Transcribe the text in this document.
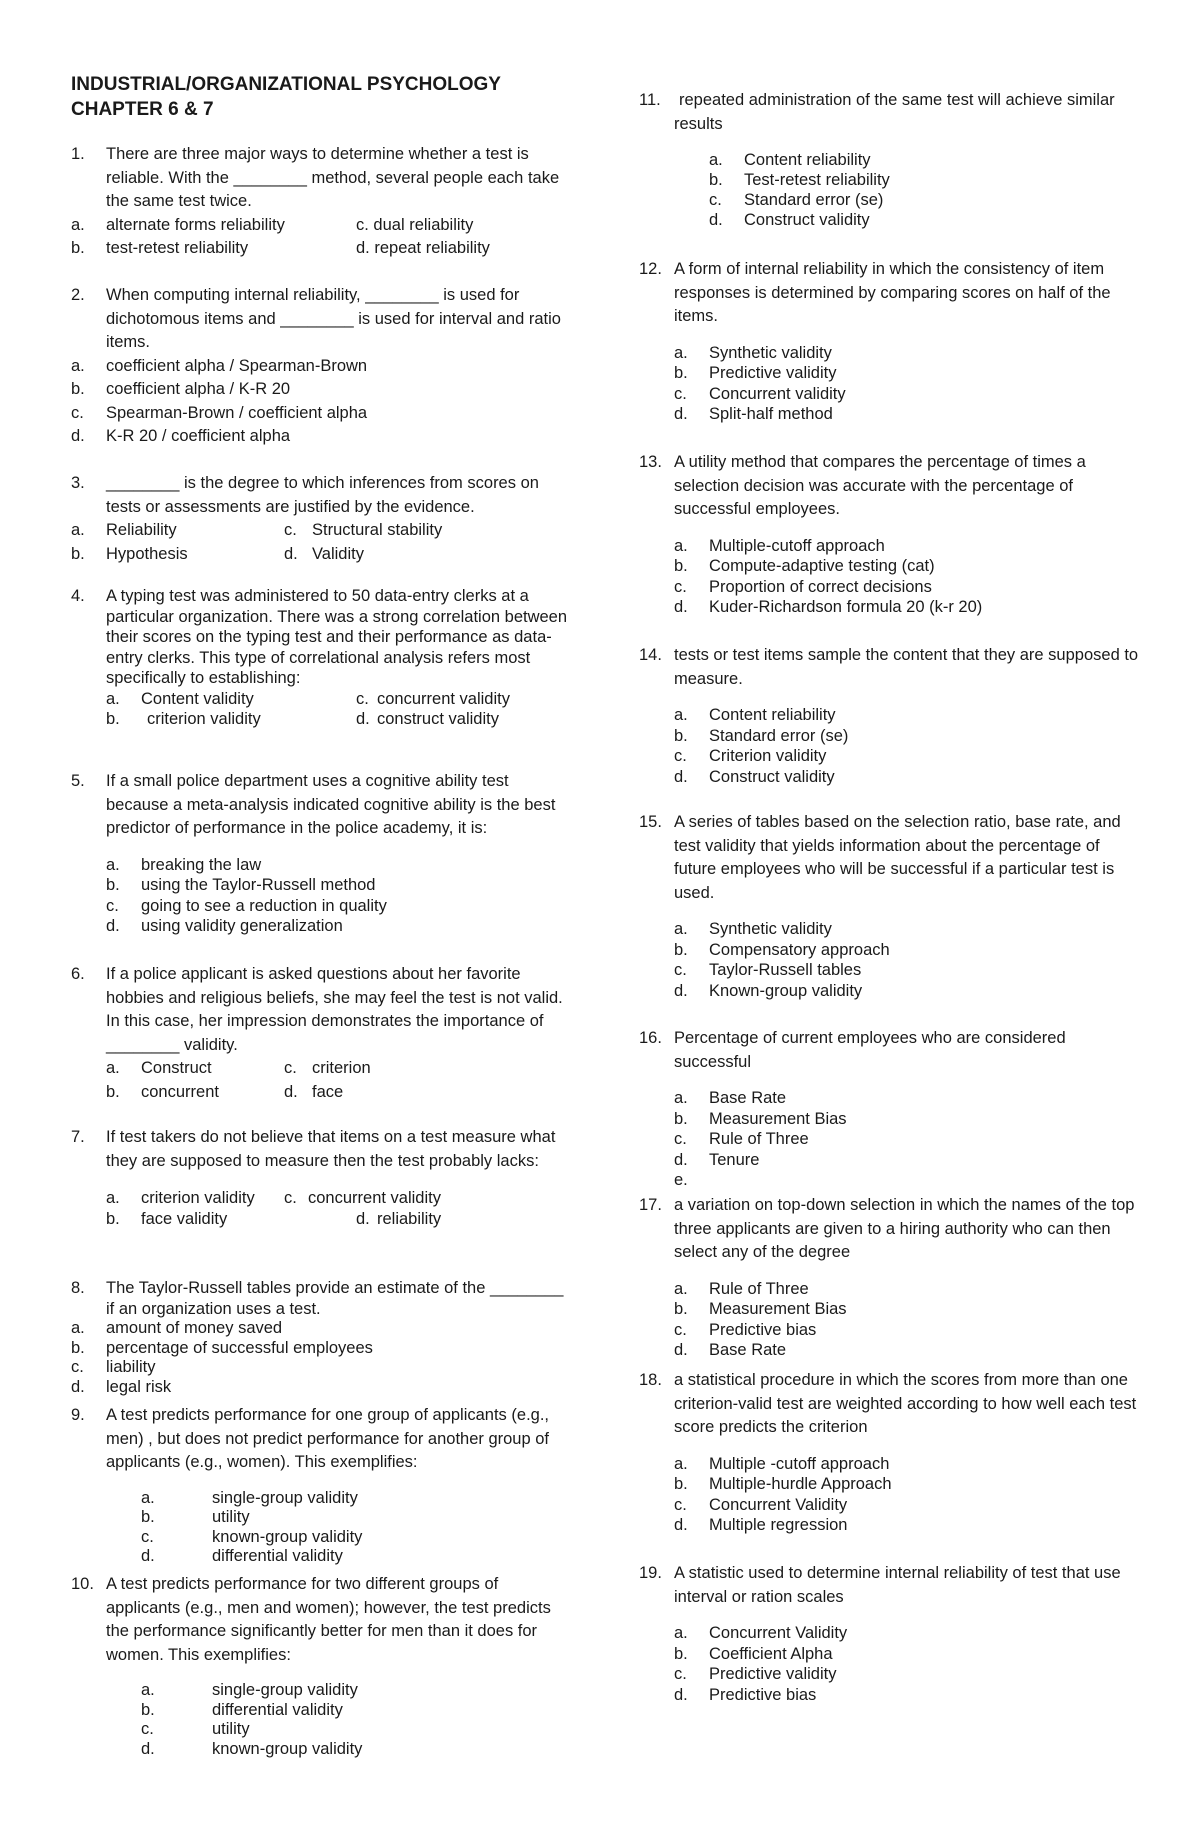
INDUSTRIAL/ORGANIZATIONAL PSYCHOLOGY
CHAPTER 6 & 7
1. There are three major ways to determine whether a test is reliable. With the ________ method, several people each take the same test twice.
a. alternate forms reliability	c. dual reliability
b. test-retest reliability	d. repeat reliability
2. When computing internal reliability, ________ is used for dichotomous items and ________ is used for interval and ratio items.
a.	coefficient alpha / Spearman-Brown
b.	coefficient alpha / K-R 20
c.	Spearman-Brown / coefficient alpha
d.	K-R 20 / coefficient alpha
3. ________ is the degree to which inferences from scores on tests or assessments are justified by the evidence.
a. Reliability	c. Structural stability
b. Hypothesis	d. Validity
4. A typing test was administered to 50 data-entry clerks at a particular organization. There was a strong correlation between their scores on the typing test and their performance as data-entry clerks. This type of correlational analysis refers most specifically to establishing:
a. Content validity	c. concurrent validity
b. criterion validity	d. construct validity
5. If a small police department uses a cognitive ability test because a meta-analysis indicated cognitive ability is the best predictor of performance in the police academy, it is:
a.	breaking the law
b.	using the Taylor-Russell method
c.	going to see a reduction in quality
d.	using validity generalization
6. If a police applicant is asked questions about her favorite hobbies and religious beliefs, she may feel the test is not valid. In this case, her impression demonstrates the importance of ________ validity.
a. Construct	c. criterion
b. concurrent	d. face
7. If test takers do not believe that items on a test measure what they are supposed to measure then the test probably lacks:
a. criterion validity c. concurrent validity
b. face validity	d. reliability
8. The Taylor-Russell tables provide an estimate of the ________ if an organization uses a test.
a.	amount of money saved
b.	percentage of successful employees
c.	liability
d.	legal risk
9. A test predicts performance for one group of applicants (e.g., men) , but does not predict performance for another group of applicants (e.g., women). This exemplifies:
a.	single-group validity
b.	utility
c.	known-group validity
d.	differential validity
10. A test predicts performance for two different groups of applicants (e.g., men and women); however, the test predicts the performance significantly better for men than it does for women. This exemplifies:
a.	single-group validity
b.	differential validity
c.	utility
d.	known-group validity
11. repeated administration of the same test will achieve similar results
a.	Content reliability
b.	Test-retest reliability
c.	Standard error (se)
d.	Construct validity
12. A form of internal reliability in which the consistency of item responses is determined by comparing scores on half of the items.
a.	Synthetic validity
b.	Predictive validity
c.	Concurrent validity
d.	Split-half method
13. A utility method that compares the percentage of times a selection decision was accurate with the percentage of successful employees.
a.	Multiple-cutoff approach
b.	Compute-adaptive testing (cat)
c.	Proportion of correct decisions
d.	Kuder-Richardson formula 20 (k-r 20)
14. tests or test items sample the content that they are supposed to measure.
a.	Content reliability
b.	Standard error (se)
c.	Criterion validity
d.	Construct validity
15. A series of tables based on the selection ratio, base rate, and test validity that yields information about the percentage of future employees who will be successful if a particular test is used.
a.	Synthetic validity
b.	Compensatory approach
c.	Taylor-Russell tables
d.	Known-group validity
16. Percentage of current employees who are considered successful
a.	Base Rate
b.	Measurement Bias
c.	Rule of Three
d.	Tenure
e.
17. a variation on top-down selection in which the names of the top three applicants are given to a hiring authority who can then select any of the degree
a.	Rule of Three
b.	Measurement Bias
c.	Predictive bias
d.	Base Rate
18. a statistical procedure in which the scores from more than one criterion-valid test are weighted according to how well each test score predicts the criterion
a.	Multiple -cutoff approach
b.	Multiple-hurdle Approach
c.	Concurrent Validity
d.	Multiple regression
19. A statistic used to determine internal reliability of test that use interval or ration scales
a.	Concurrent Validity
b.	Coefficient Alpha
c.	Predictive validity
d.	Predictive bias
